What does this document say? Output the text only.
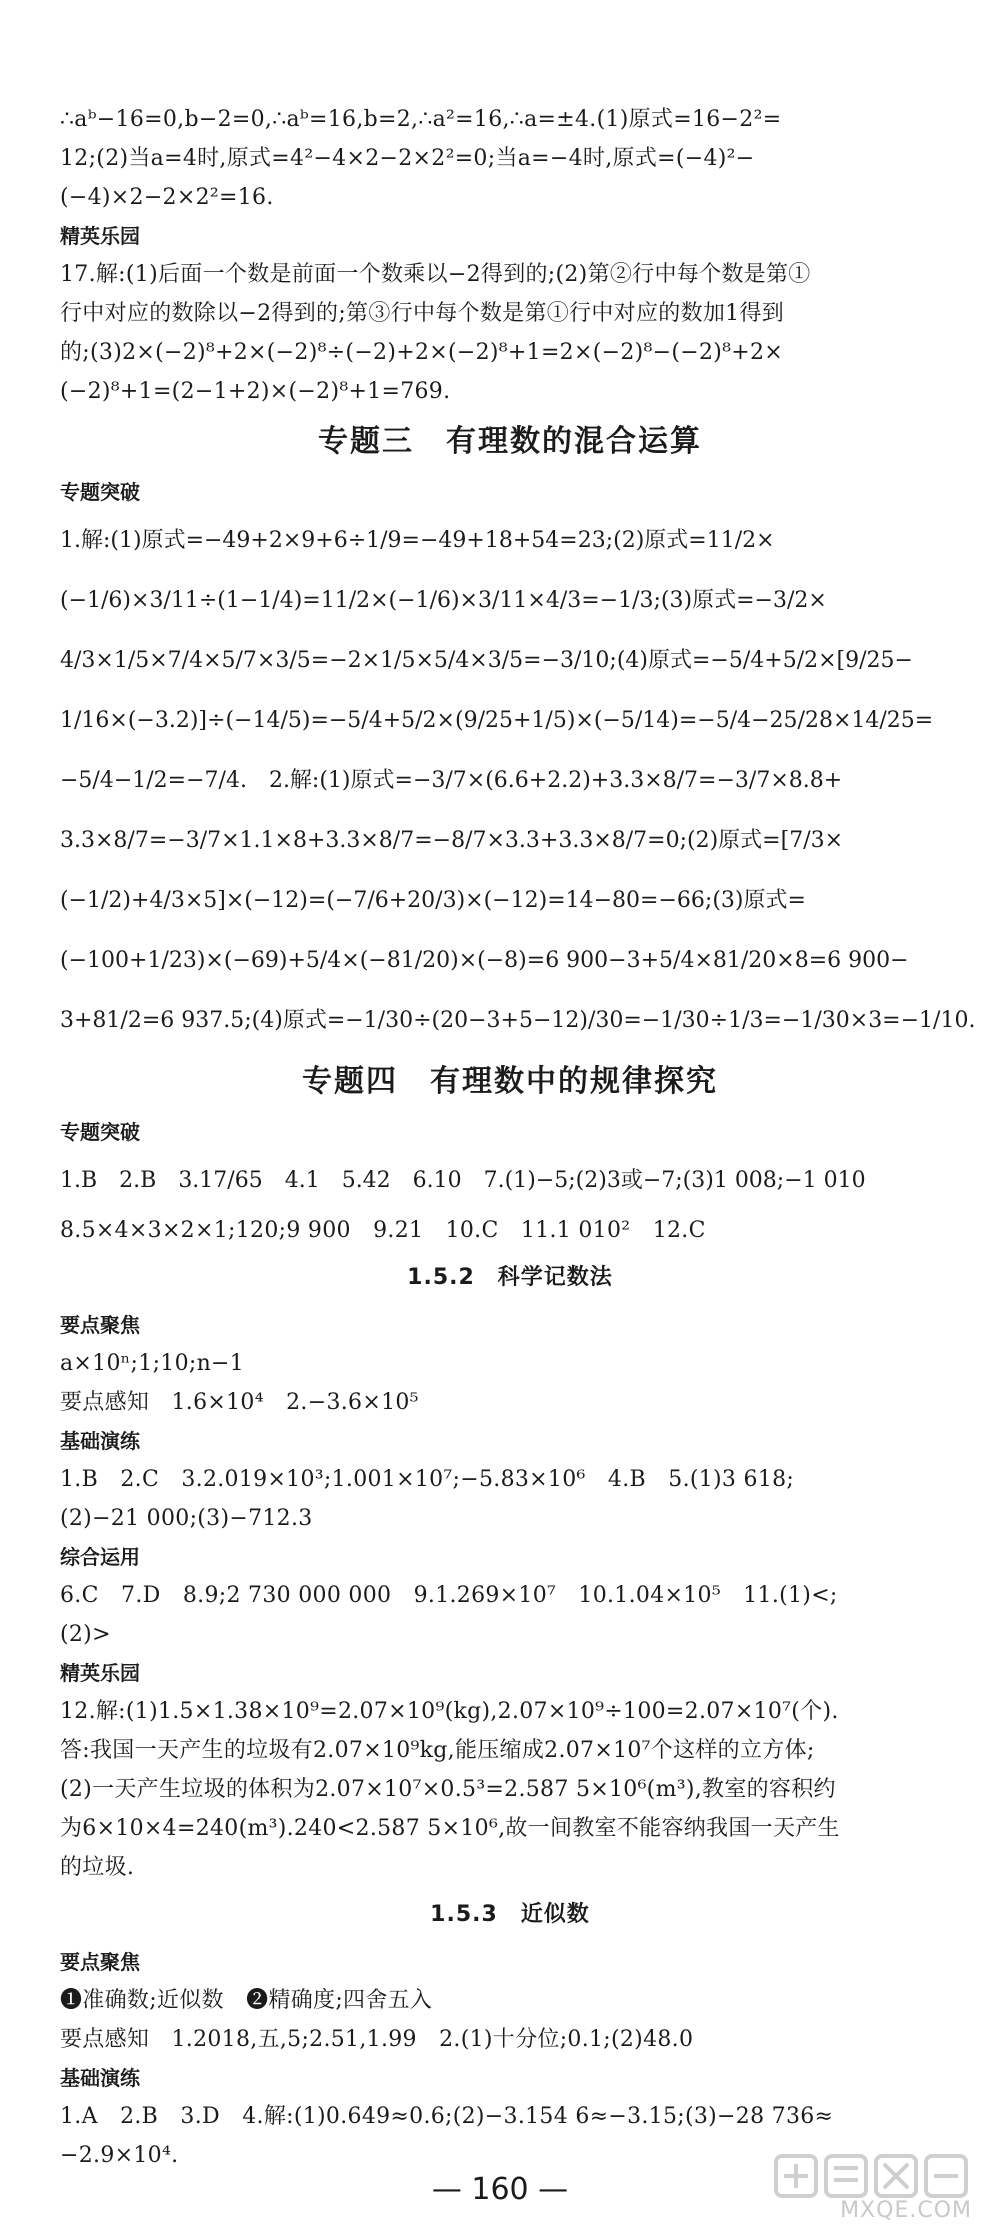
∴aᵇ−16=0,b−2=0,∴aᵇ=16,b=2,∴a²=16,∴a=±4.(1)原式=16−2²=
12;(2)当a=4时,原式=4²−4×2−2×2²=0;当a=−4时,原式=(−4)²−
(−4)×2−2×2²=16.
精英乐园
17.解:(1)后面一个数是前面一个数乘以−2得到的;(2)第②行中每个数是第①
行中对应的数除以−2得到的;第③行中每个数是第①行中对应的数加1得到
的;(3)2×(−2)⁸+2×(−2)⁸÷(−2)+2×(−2)⁸+1=2×(−2)⁸−(−2)⁸+2×
(−2)⁸+1=(2−1+2)×(−2)⁸+1=769.
专题三　有理数的混合运算
专题突破
1.解:(1)原式=−49+2×9+6÷1/9=−49+18+54=23;(2)原式=11/2×
(−1/6)×3/11÷(1−1/4)=11/2×(−1/6)×3/11×4/3=−1/3;(3)原式=−3/2×
4/3×1/5×7/4×5/7×3/5=−2×1/5×5/4×3/5=−3/10;(4)原式=−5/4+5/2×[9/25−
1/16×(−3.2)]÷(−14/5)=−5/4+5/2×(9/25+1/5)×(−5/14)=−5/4−25/28×14/25=
−5/4−1/2=−7/4.　2.解:(1)原式=−3/7×(6.6+2.2)+3.3×8/7=−3/7×8.8+
3.3×8/7=−3/7×1.1×8+3.3×8/7=−8/7×3.3+3.3×8/7=0;(2)原式=[7/3×
(−1/2)+4/3×5]×(−12)=(−7/6+20/3)×(−12)=14−80=−66;(3)原式=
(−100+1/23)×(−69)+5/4×(−81/20)×(−8)=6 900−3+5/4×81/20×8=6 900−
3+81/2=6 937.5;(4)原式=−1/30÷(20−3+5−12)/30=−1/30÷1/3=−1/30×3=−1/10.
专题四　有理数中的规律探究
专题突破
1.B　2.B　3.17/65　4.1　5.42　6.10　7.(1)−5;(2)3或−7;(3)1 008;−1 010
8.5×4×3×2×1;120;9 900　9.21　10.C　11.1 010²　12.C
1.5.2　科学记数法
要点聚焦
a×10ⁿ;1;10;n−1
要点感知　1.6×10⁴　2.−3.6×10⁵
基础演练
1.B　2.C　3.2.019×10³;1.001×10⁷;−5.83×10⁶　4.B　5.(1)3 618;
(2)−21 000;(3)−712.3
综合运用
6.C　7.D　8.9;2 730 000 000　9.1.269×10⁷　10.1.04×10⁵　11.(1)<;
(2)>
精英乐园
12.解:(1)1.5×1.38×10⁹=2.07×10⁹(kg),2.07×10⁹÷100=2.07×10⁷(个).
答:我国一天产生的垃圾有2.07×10⁹kg,能压缩成2.07×10⁷个这样的立方体;
(2)一天产生垃圾的体积为2.07×10⁷×0.5³=2.587 5×10⁶(m³),教室的容积约
为6×10×4=240(m³).240<2.587 5×10⁶,故一间教室不能容纳我国一天产生
的垃圾.
1.5.3　近似数
要点聚焦
❶准确数;近似数　❷精确度;四舍五入
要点感知　1.2018,五,5;2.51,1.99　2.(1)十分位;0.1;(2)48.0
基础演练
1.A　2.B　3.D　4.解:(1)0.649≈0.6;(2)−3.154 6≈−3.15;(3)−28 736≈
−2.9×10⁴.
— 160 —
MXQE.COM
